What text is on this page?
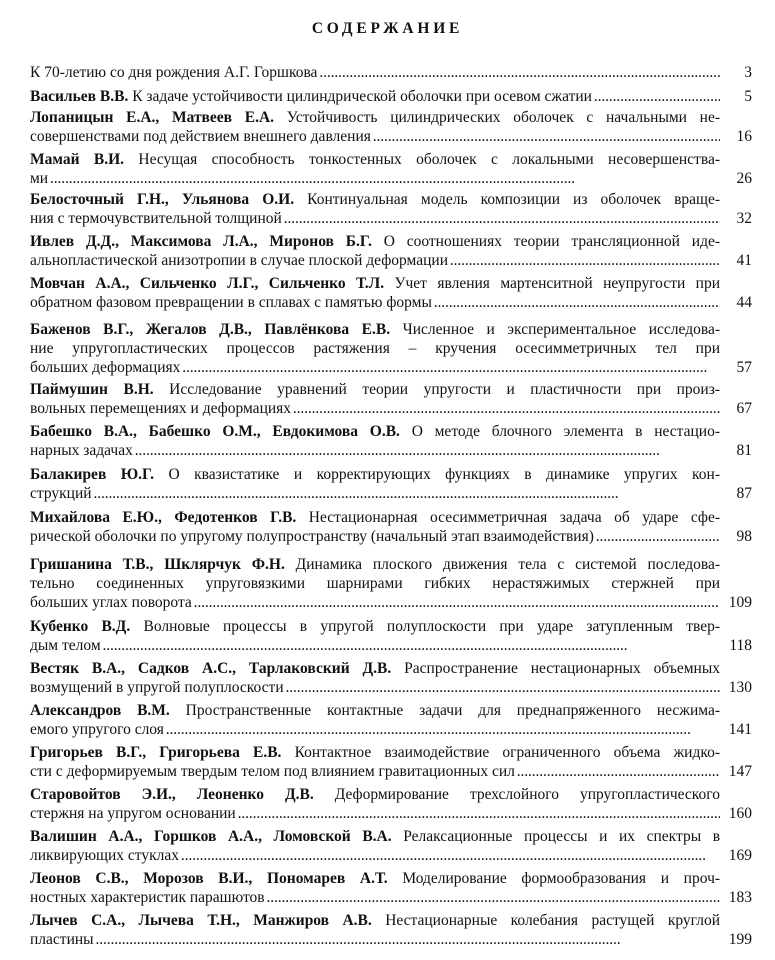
СОДЕРЖАНИЕ
К 70-летию со дня рождения А.Г. Горшкова . . .	3
Васильев В.В. К задаче устойчивости цилиндрической оболочки при осевом сжатии . . .	5
Лопаницын Е.А., Матвеев Е.А. Устойчивость цилиндрических оболочек с начальными не-
совершенствами под действием внешнего давления . . .	16
Мамай В.И. Несущая способность тонкостенных оболочек с локальными несовершенства-
ми . . .	26
Белосточный Г.Н., Ульянова О.И. Континуальная модель композиции из оболочек враще-
ния с термочувствительной толщиной . . .	32
Ивлев Д.Д., Максимова Л.А., Миронов Б.Г. О соотношениях теории трансляционной иде-
альнопластической анизотропии в случае плоской деформации . . .	41
Мовчан А.А., Сильченко Л.Г., Сильченко Т.Л. Учет явления мартенситной неупругости при
обратном фазовом превращении в сплавах с памятью формы . . .	44
Баженов В.Г., Жегалов Д.В., Павлёнкова Е.В. Численное и экспериментальное исследова-
ние упругопластических процессов растяжения – кручения осесимметричных тел при
больших деформациях . . .	57
Паймушин В.Н. Исследование уравнений теории упругости и пластичности при произ-
вольных перемещениях и деформациях . . .	67
Бабешко В.А., Бабешко О.М., Евдокимова О.В. О методе блочного элемента в нестацио-
нарных задачах . . .	81
Балакирев Ю.Г. О квазистатике и корректирующих функциях в динамике упругих кон-
струкций . . .	87
Михайлова Е.Ю., Федотенков Г.В. Нестационарная осесимметричная задача об ударе сфе-
рической оболочки по упругому полупространству (начальный этап взаимодействия) . . .	98
Гришанина Т.В., Шклярчук Ф.Н. Динамика плоского движения тела с системой последова-
тельно соединенных упруговязкими шарнирами гибких нерастяжимых стержней при
больших углах поворота . . .	109
Кубенко В.Д. Волновые процессы в упругой полуплоскости при ударе затупленным твер-
дым телом . . .	118
Вестяк В.А., Садков А.С., Тарлаковский Д.В. Распространение нестационарных объемных
возмущений в упругой полуплоскости . . .	130
Александров В.М. Пространственные контактные задачи для преднапряженного несжима-
емого упругого слоя . . .	141
Григорьев В.Г., Григорьева Е.В. Контактное взаимодействие ограниченного объема жидко-
сти с деформируемым твердым телом под влиянием гравитационных сил . . .	147
Старовойтов Э.И., Леоненко Д.В. Деформирование трехслойного упругопластического
стержня на упругом основании . . .	160
Валишин А.А., Горшков А.А., Ломовской В.А. Релаксационные процессы и их спектры в
ликвирующих стуклах . . .	169
Леонов С.В., Морозов В.И., Пономарев А.Т. Моделирование формообразования и проч-
ностных характеристик парашютов . . .	183
Лычев С.А., Лычева Т.Н., Манжиров А.В. Нестационарные колебания растущей круглой
пластины . . .	199
